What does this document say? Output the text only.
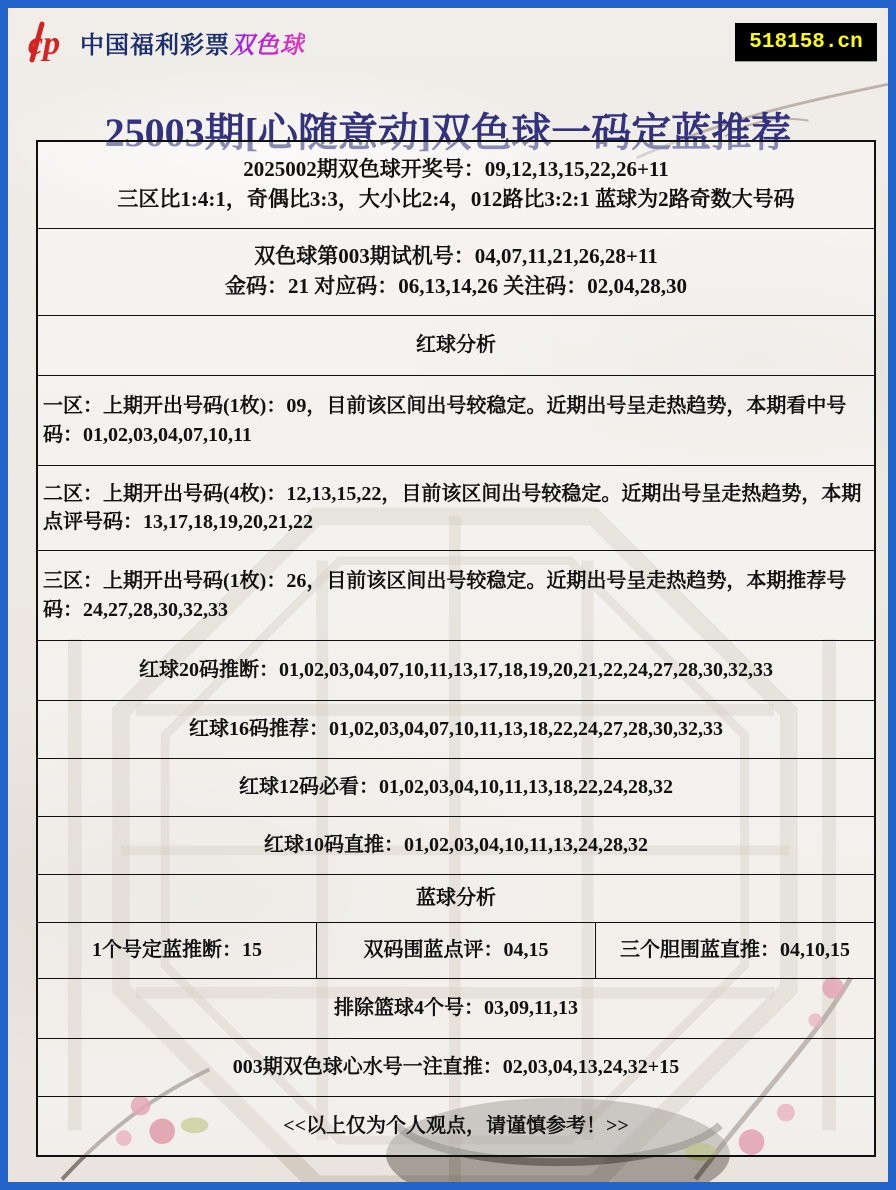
cp 中国福利彩票 双色球	518158.cn
25003期[心随意动]双色球一码定蓝推荐
2025002期双色球开奖号：09,12,13,15,22,26+11
三区比1:4:1，奇偶比3:3，大小比2:4，012路比3:2:1 蓝球为2路奇数大号码
双色球第003期试机号：04,07,11,21,26,28+11
金码：21 对应码：06,13,14,26 关注码：02,04,28,30
红球分析
一区：上期开出号码(1枚)：09，目前该区间出号较稳定。近期出号呈走热趋势，本期看中号码：01,02,03,04,07,10,11
二区：上期开出号码(4枚)：12,13,15,22，目前该区间出号较稳定。近期出号呈走热趋势，本期点评号码：13,17,18,19,20,21,22
三区：上期开出号码(1枚)：26，目前该区间出号较稳定。近期出号呈走热趋势，本期推荐号码：24,27,28,30,32,33
红球20码推断：01,02,03,04,07,10,11,13,17,18,19,20,21,22,24,27,28,30,32,33
红球16码推荐：01,02,03,04,07,10,11,13,18,22,24,27,28,30,32,33
红球12码必看：01,02,03,04,10,11,13,18,22,24,28,32
红球10码直推：01,02,03,04,10,11,13,24,28,32
蓝球分析
1个号定蓝推断：15	双码围蓝点评：04,15	三个胆围蓝直推：04,10,15
排除篮球4个号：03,09,11,13
003期双色球心水号一注直推：02,03,04,13,24,32+15
<<以上仅为个人观点，请谨慎参考！>>
